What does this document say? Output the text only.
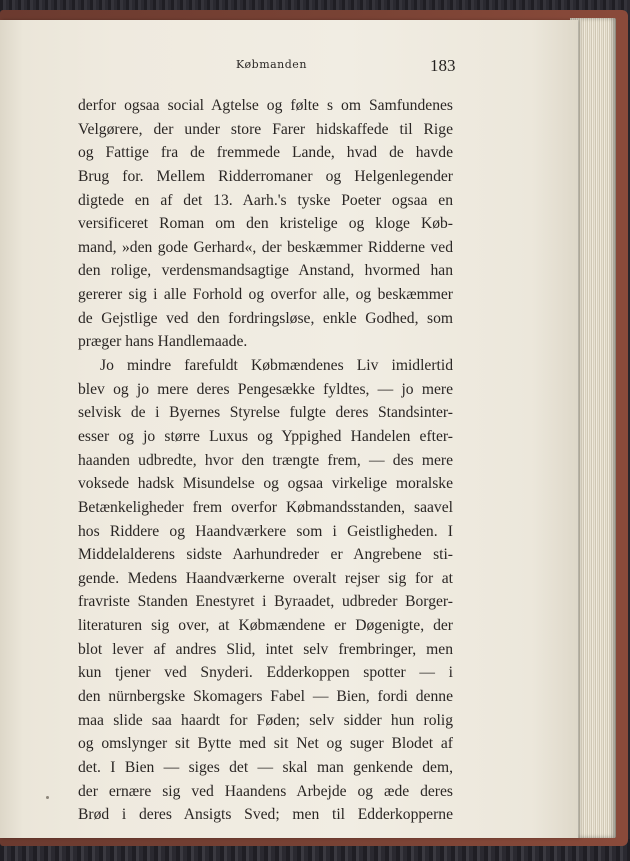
Købmanden	183
derfor ogsaa social Agtelse og følte s om Samfundenes
Velgørere, der under store Farer hidskaffede til Rige
og Fattige fra de fremmede Lande, hvad de havde
Brug for. Mellem Ridderromaner og Helgenlegender
digtede en af det 13. Aarh.'s tyske Poeter ogsaa en
versificeret Roman om den kristelige og kloge Køb-
mand, »den gode Gerhard«, der beskæmmer Ridderne ved
den rolige, verdensmandsagtige Anstand, hvormed han
gererer sig i alle Forhold og overfor alle, og beskæmmer
de Gejstlige ved den fordringsløse, enkle Godhed, som
præger hans Handlemaade.
Jo mindre farefuldt Købmændenes Liv imidlertid
blev og jo mere deres Pengesække fyldtes, — jo mere
selvisk de i Byernes Styrelse fulgte deres Standsinter-
esser og jo større Luxus og Yppighed Handelen efter-
haanden udbredte, hvor den trængte frem, — des mere
voksede hadsk Misundelse og ogsaa virkelige moralske
Betænkeligheder frem overfor Købmandsstanden, saavel
hos Riddere og Haandværkere som i Geistligheden. I
Middelalderens sidste Aarhundreder er Angrebene sti-
gende. Medens Haandværkerne overalt rejser sig for at
fravriste Standen Enestyret i Byraadet, udbreder Borger-
literaturen sig over, at Købmændene er Døgenigte, der
blot lever af andres Slid, intet selv frembringer, men
kun tjener ved Snyderi. Edderkoppen spotter — i
den nürnbergske Skomagers Fabel — Bien, fordi denne
maa slide saa haardt for Føden; selv sidder hun rolig
og omslynger sit Bytte med sit Net og suger Blodet af
det. I Bien — siges det — skal man genkende dem,
der ernære sig ved Haandens Arbejde og æde deres
Brød i deres Ansigts Sved; men til Edderkopperne
